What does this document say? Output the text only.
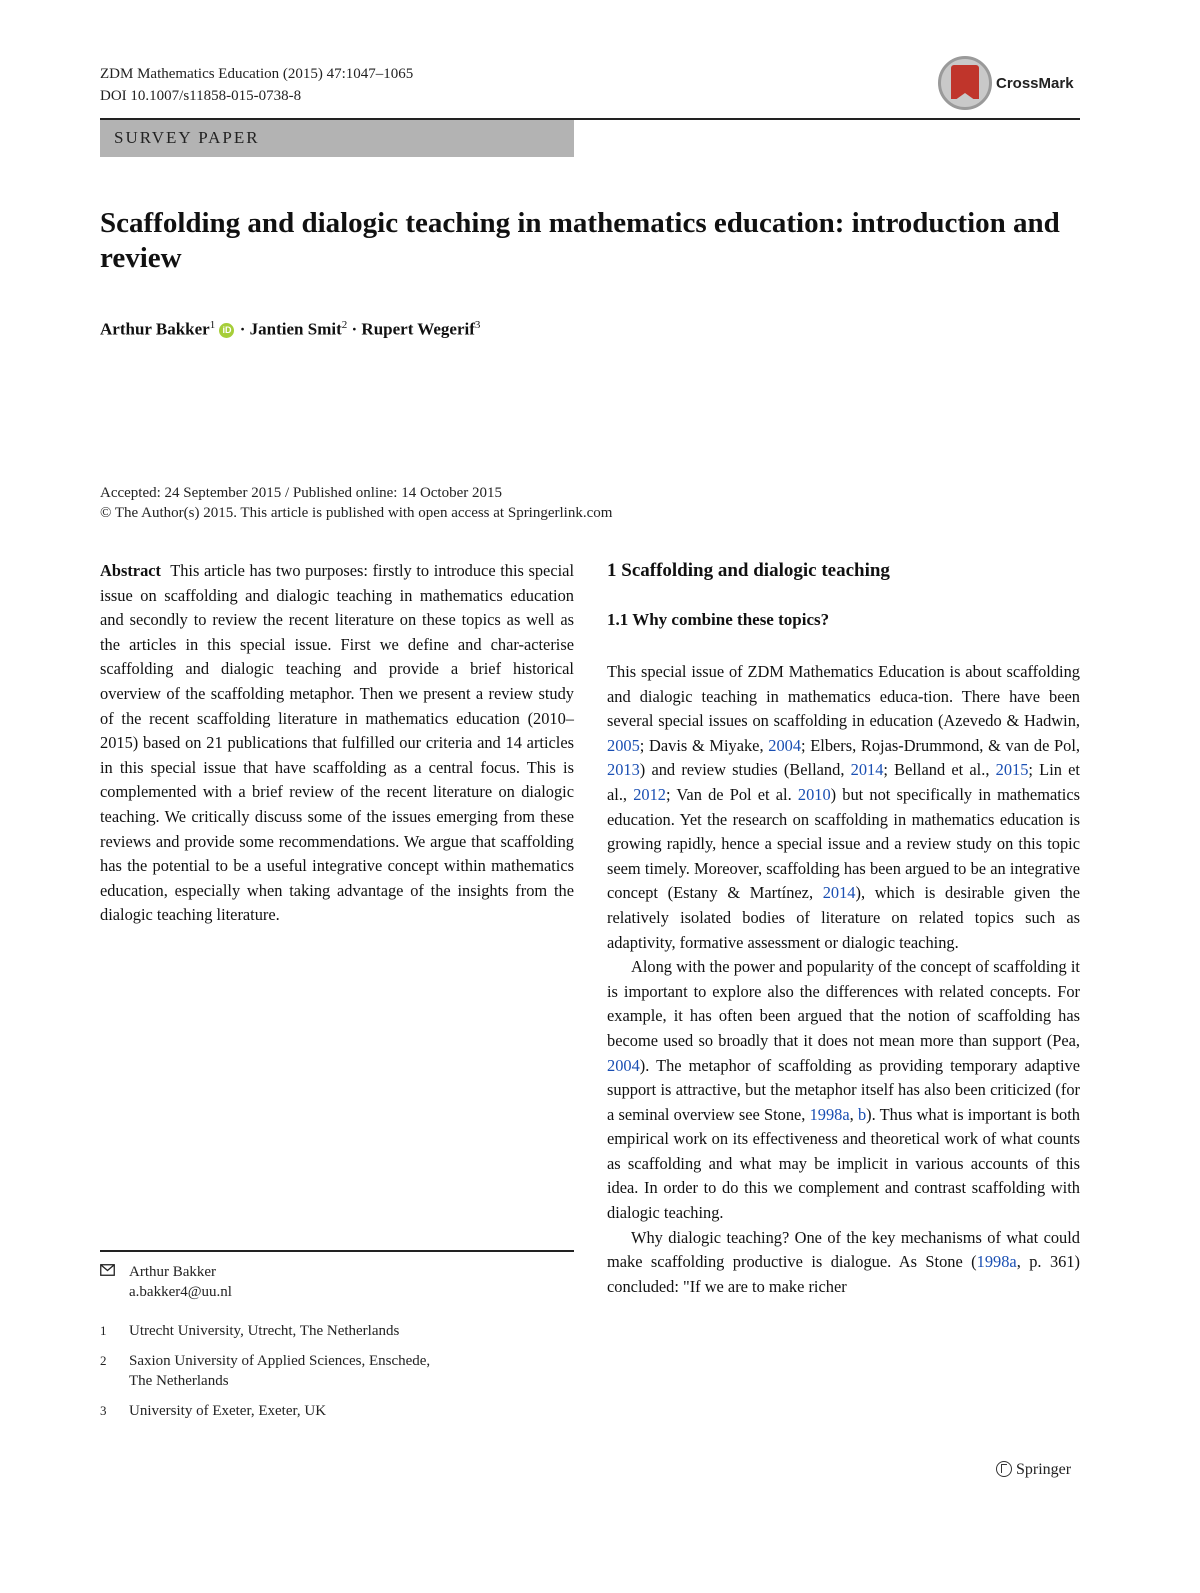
ZDM Mathematics Education (2015) 47:1047–1065
DOI 10.1007/s11858-015-0738-8
CrossMark
SURVEY PAPER
Scaffolding and dialogic teaching in mathematics education: introduction and review
Arthur Bakker$^1$ iD · Jantien Smit$^2$ · Rupert Wegerif$^3$
Accepted: 24 September 2015 / Published online: 14 October 2015
© The Author(s) 2015. This article is published with open access at Springerlink.com

Abstract This article has two purposes: firstly to introduce this special issue on scaffolding and dialogic teaching in mathematics education and secondly to review the recent literature on these topics as well as the articles in this special issue. First we define and char-acterise scaffolding and dialogic teaching and provide a brief historical overview of the scaffolding metaphor. Then we present a review study of the recent scaffolding literature in mathematics education (2010–2015) based on 21 publications that fulfilled our criteria and 14 articles in this special issue that have scaffolding as a central focus. This is complemented with a brief review of the recent literature on dialogic teaching. We critically discuss some of the issues emerging from these reviews and provide some recommendations. We argue that scaffolding has the potential to be a useful integrative concept within mathematics education, especially when taking advantage of the insights from the dialogic teaching literature.

Arthur Bakker
a.bakker4@uu.nl
1 Utrecht University, Utrecht, The Netherlands
2 Saxion University of Applied Sciences, Enschede,
The Netherlands
3 University of Exeter, Exeter, UK
1 Scaffolding and dialogic teaching
1.1 Why combine these topics?

This special issue of ZDM Mathematics Education is about scaffolding and dialogic teaching in mathematics educa-tion. There have been several special issues on scaffolding in education (Azevedo & Hadwin, 2005; Davis & Miyake, 2004; Elbers, Rojas-Drummond, & van de Pol, 2013) and review studies (Belland, 2014; Belland et al., 2015; Lin et al., 2012; Van de Pol et al. 2010) but not specifically in mathematics education. Yet the research on scaffolding in mathematics education is growing rapidly, hence a special issue and a review study on this topic seem timely. Moreover, scaffolding has been argued to be an integrative concept (Estany & Martínez, 2014), which is desirable given the relatively isolated bodies of literature on related topics such as adaptivity, formative assessment or dialogic teaching.

Along with the power and popularity of the concept of scaffolding it is important to explore also the differences with related concepts. For example, it has often been argued that the notion of scaffolding has become used so broadly that it does not mean more than support (Pea, 2004). The metaphor of scaffolding as providing temporary adaptive support is attractive, but the metaphor itself has also been criticized (for a seminal overview see Stone, 1998a, b). Thus what is important is both empirical work on its effectiveness and theoretical work of what counts as scaffolding and what may be implicit in various accounts of this idea. In order to do this we complement and contrast scaffolding with dialogic teaching.

Why dialogic teaching? One of the key mechanisms of what could make scaffolding productive is dialogue. As Stone (1998a, p. 361) concluded: "If we are to make richer

Springer
